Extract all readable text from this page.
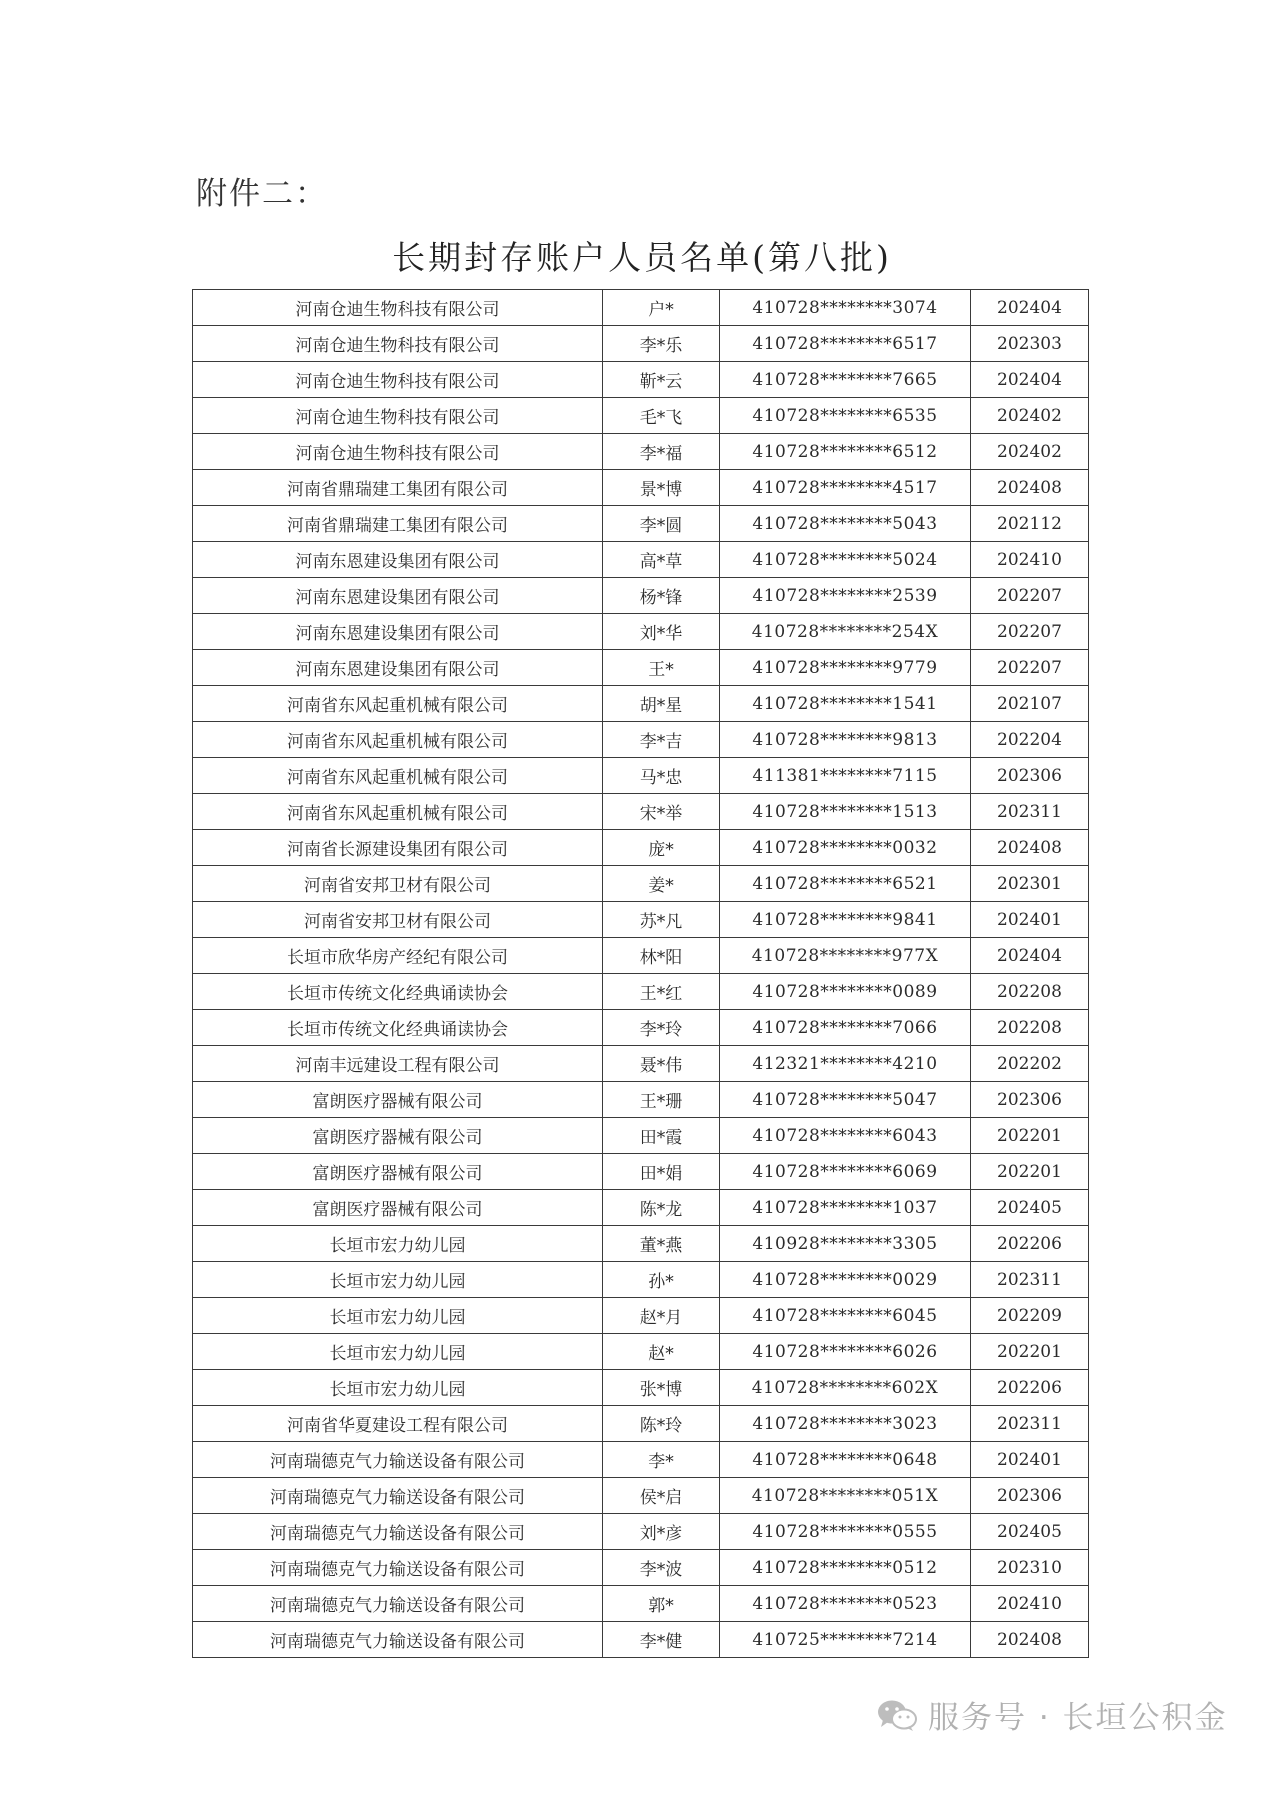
附件二：
长期封存账户人员名单(第八批)
河南仓迪生物科技有限公司	户*	410728********3074	202404
河南仓迪生物科技有限公司	李*乐	410728********6517	202303
河南仓迪生物科技有限公司	靳*云	410728********7665	202404
河南仓迪生物科技有限公司	毛*飞	410728********6535	202402
河南仓迪生物科技有限公司	李*福	410728********6512	202402
河南省鼎瑞建工集团有限公司	景*博	410728********4517	202408
河南省鼎瑞建工集团有限公司	李*圆	410728********5043	202112
河南东恩建设集团有限公司	高*草	410728********5024	202410
河南东恩建设集团有限公司	杨*锋	410728********2539	202207
河南东恩建设集团有限公司	刘*华	410728********254X	202207
河南东恩建设集团有限公司	王*	410728********9779	202207
河南省东风起重机械有限公司	胡*星	410728********1541	202107
河南省东风起重机械有限公司	李*吉	410728********9813	202204
河南省东风起重机械有限公司	马*忠	411381********7115	202306
河南省东风起重机械有限公司	宋*举	410728********1513	202311
河南省长源建设集团有限公司	庞*	410728********0032	202408
河南省安邦卫材有限公司	姜*	410728********6521	202301
河南省安邦卫材有限公司	苏*凡	410728********9841	202401
长垣市欣华房产经纪有限公司	林*阳	410728********977X	202404
长垣市传统文化经典诵读协会	王*红	410728********0089	202208
长垣市传统文化经典诵读协会	李*玲	410728********7066	202208
河南丰远建设工程有限公司	聂*伟	412321********4210	202202
富朗医疗器械有限公司	王*珊	410728********5047	202306
富朗医疗器械有限公司	田*霞	410728********6043	202201
富朗医疗器械有限公司	田*娟	410728********6069	202201
富朗医疗器械有限公司	陈*龙	410728********1037	202405
长垣市宏力幼儿园	董*燕	410928********3305	202206
长垣市宏力幼儿园	孙*	410728********0029	202311
长垣市宏力幼儿园	赵*月	410728********6045	202209
长垣市宏力幼儿园	赵*	410728********6026	202201
长垣市宏力幼儿园	张*博	410728********602X	202206
河南省华夏建设工程有限公司	陈*玲	410728********3023	202311
河南瑞德克气力输送设备有限公司	李*	410728********0648	202401
河南瑞德克气力输送设备有限公司	侯*启	410728********051X	202306
河南瑞德克气力输送设备有限公司	刘*彦	410728********0555	202405
河南瑞德克气力输送设备有限公司	李*波	410728********0512	202310
河南瑞德克气力输送设备有限公司	郭*	410728********0523	202410
河南瑞德克气力输送设备有限公司	李*健	410725********7214	202408
服务号 · 长垣公积金
